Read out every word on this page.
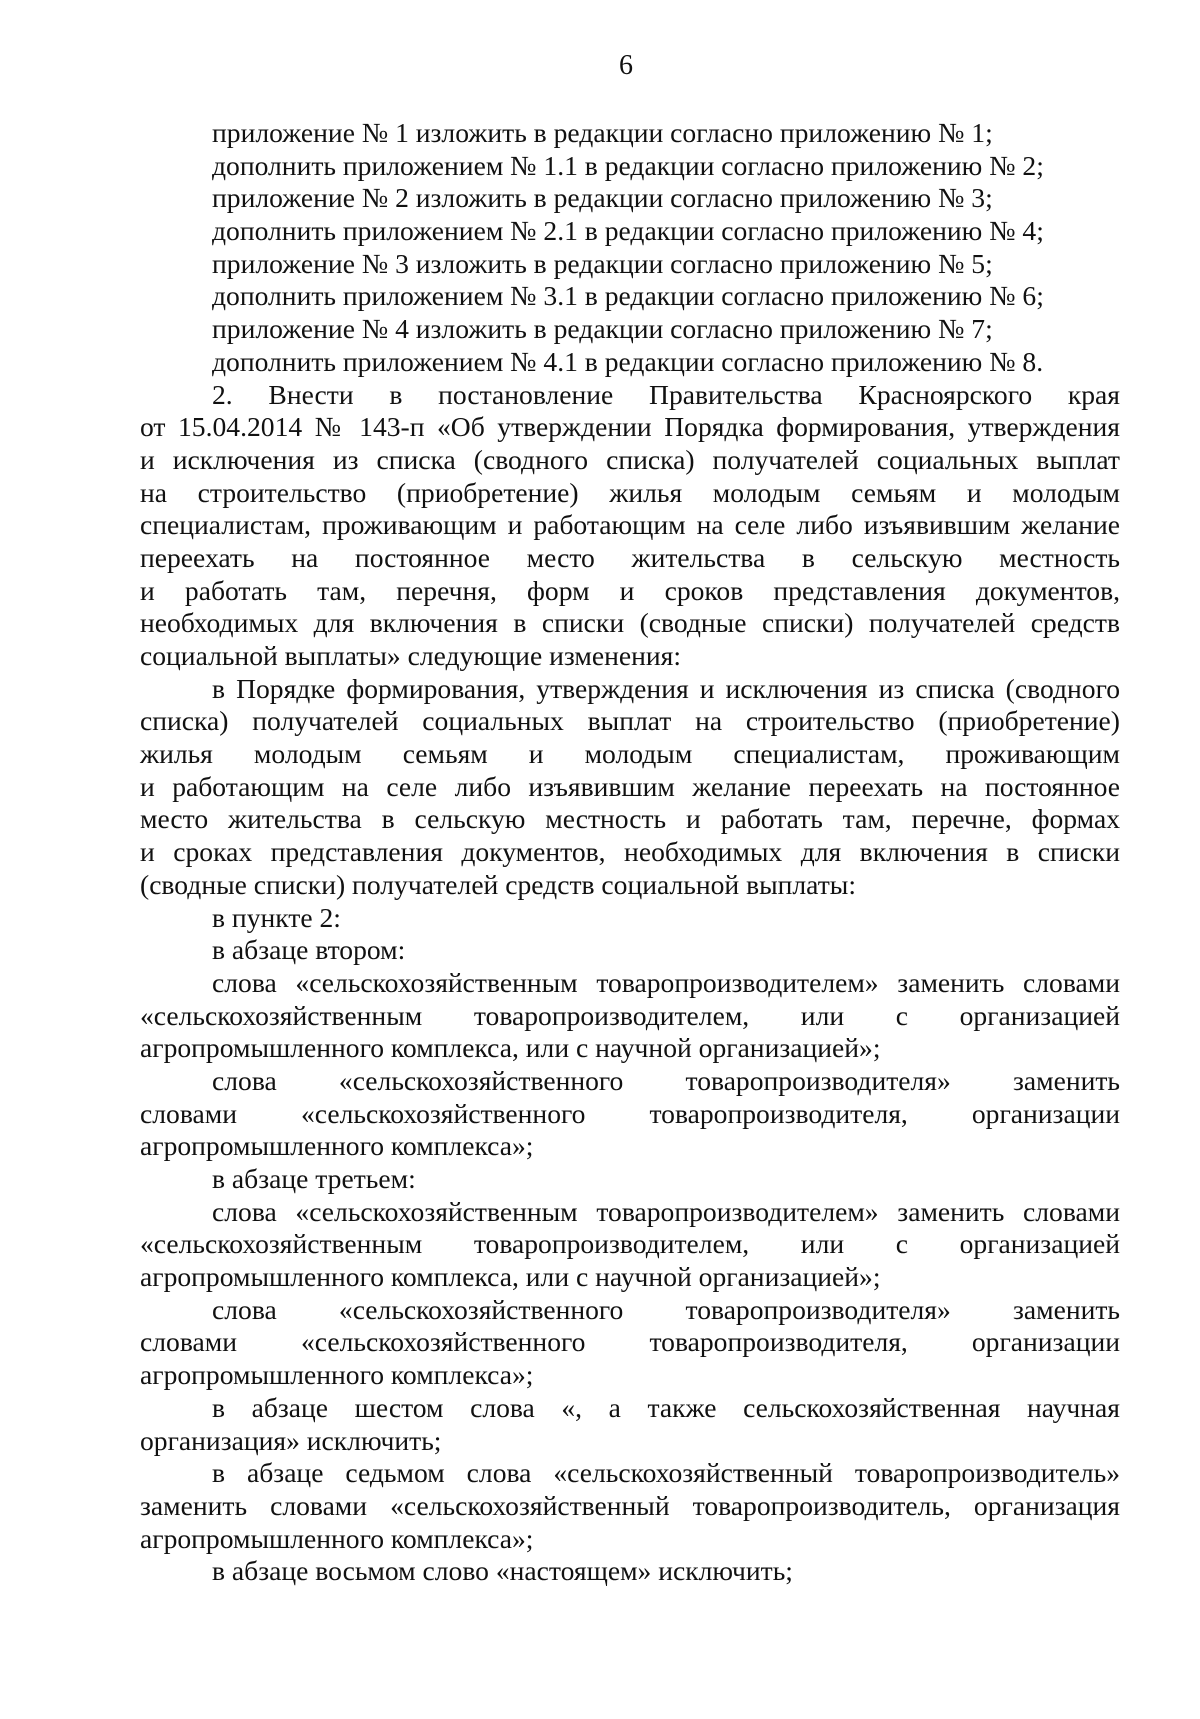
6
приложение № 1 изложить в редакции согласно приложению № 1;
дополнить приложением № 1.1 в редакции согласно приложению № 2;
приложение № 2 изложить в редакции согласно приложению № 3;
дополнить приложением № 2.1 в редакции согласно приложению № 4;
приложение № 3 изложить в редакции согласно приложению № 5;
дополнить приложением № 3.1 в редакции согласно приложению № 6;
приложение № 4 изложить в редакции согласно приложению № 7;
дополнить приложением № 4.1 в редакции согласно приложению № 8.
2. Внести в постановление Правительства Красноярского края
от 15.04.2014 № 143-п «Об утверждении Порядка формирования, утверждения
и исключения из списка (сводного списка) получателей социальных выплат
на строительство (приобретение) жилья молодым семьям и молодым
специалистам, проживающим и работающим на селе либо изъявившим желание
переехать на постоянное место жительства в сельскую местность
и работать там, перечня, форм и сроков представления документов,
необходимых для включения в списки (сводные списки) получателей средств
социальной выплаты» следующие изменения:
в Порядке формирования, утверждения и исключения из списка (сводного
списка) получателей социальных выплат на строительство (приобретение)
жилья молодым семьям и молодым специалистам, проживающим
и работающим на селе либо изъявившим желание переехать на постоянное
место жительства в сельскую местность и работать там, перечне, формах
и сроках представления документов, необходимых для включения в списки
(сводные списки) получателей средств социальной выплаты:
в пункте 2:
в абзаце втором:
слова «сельскохозяйственным товаропроизводителем» заменить словами
«сельскохозяйственным товаропроизводителем, или с организацией
агропромышленного комплекса, или с научной организацией»;
слова «сельскохозяйственного товаропроизводителя» заменить
словами «сельскохозяйственного товаропроизводителя, организации
агропромышленного комплекса»;
в абзаце третьем:
слова «сельскохозяйственным товаропроизводителем» заменить словами
«сельскохозяйственным товаропроизводителем, или с организацией
агропромышленного комплекса, или с научной организацией»;
слова «сельскохозяйственного товаропроизводителя» заменить
словами «сельскохозяйственного товаропроизводителя, организации
агропромышленного комплекса»;
в абзаце шестом слова «, а также сельскохозяйственная научная
организация» исключить;
в абзаце седьмом слова «сельскохозяйственный товаропроизводитель»
заменить словами «сельскохозяйственный товаропроизводитель, организация
агропромышленного комплекса»;
в абзаце восьмом слово «настоящем» исключить;
